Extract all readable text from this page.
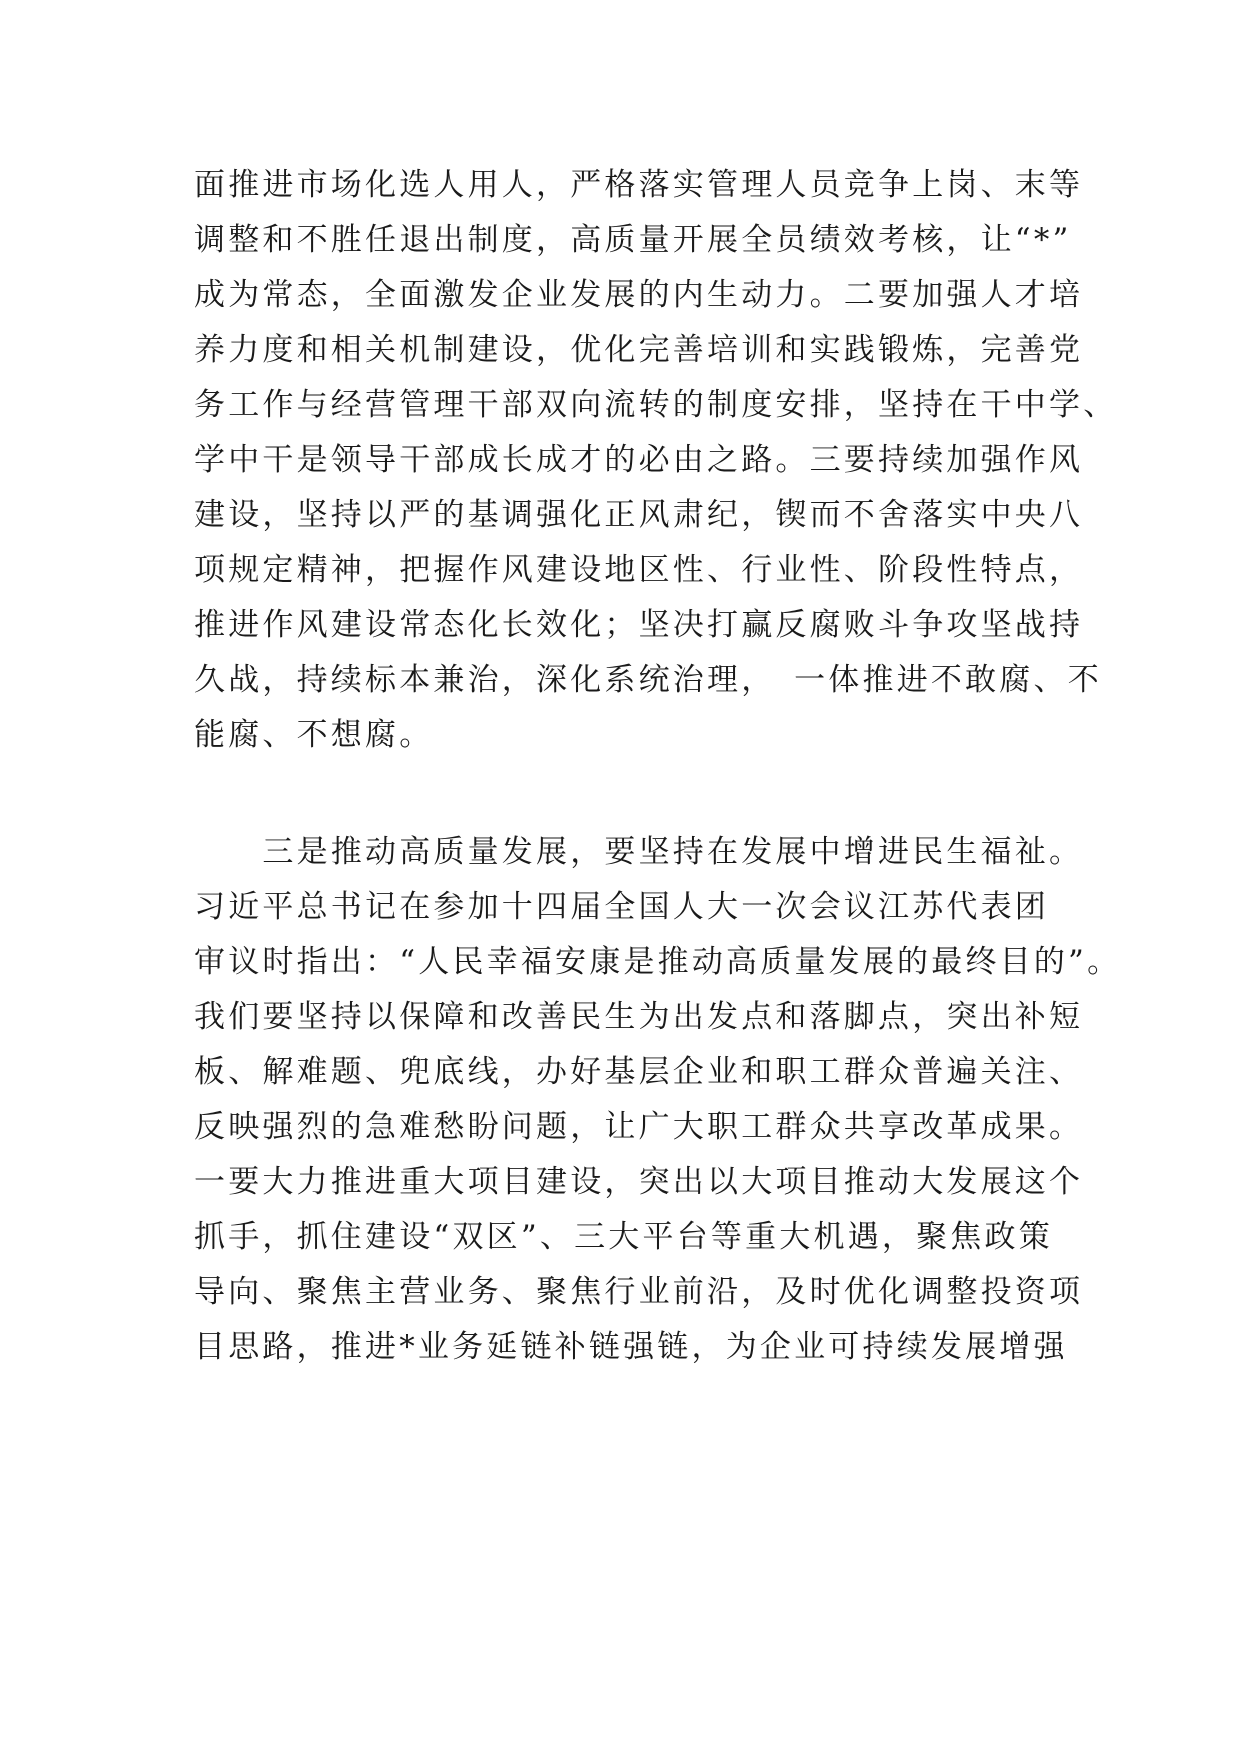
面推进市场化选人用人，严格落实管理人员竞争上岗、末等
调整和不胜任退出制度，高质量开展全员绩效考核，让“*”
成为常态，全面激发企业发展的内生动力。二要加强人才培
养力度和相关机制建设，优化完善培训和实践锻炼，完善党
务工作与经营管理干部双向流转的制度安排，坚持在干中学、
学中干是领导干部成长成才的必由之路。三要持续加强作风
建设，坚持以严的基调强化正风肃纪，锲而不舍落实中央八
项规定精神，把握作风建设地区性、行业性、阶段性特点，
推进作风建设常态化长效化；坚决打赢反腐败斗争攻坚战持
久战，持续标本兼治，深化系统治理，　一体推进不敢腐、不
能腐、不想腐。
　　三是推动高质量发展，要坚持在发展中增进民生福祉。
习近平总书记在参加十四届全国人大一次会议江苏代表团
审议时指出：“人民幸福安康是推动高质量发展的最终目的”。
我们要坚持以保障和改善民生为出发点和落脚点，突出补短
板、解难题、兜底线，办好基层企业和职工群众普遍关注、
反映强烈的急难愁盼问题，让广大职工群众共享改革成果。
一要大力推进重大项目建设，突出以大项目推动大发展这个
抓手，抓住建设“双区”、三大平台等重大机遇，聚焦政策
导向、聚焦主营业务、聚焦行业前沿，及时优化调整投资项
目思路，推进*业务延链补链强链，为企业可持续发展增强
